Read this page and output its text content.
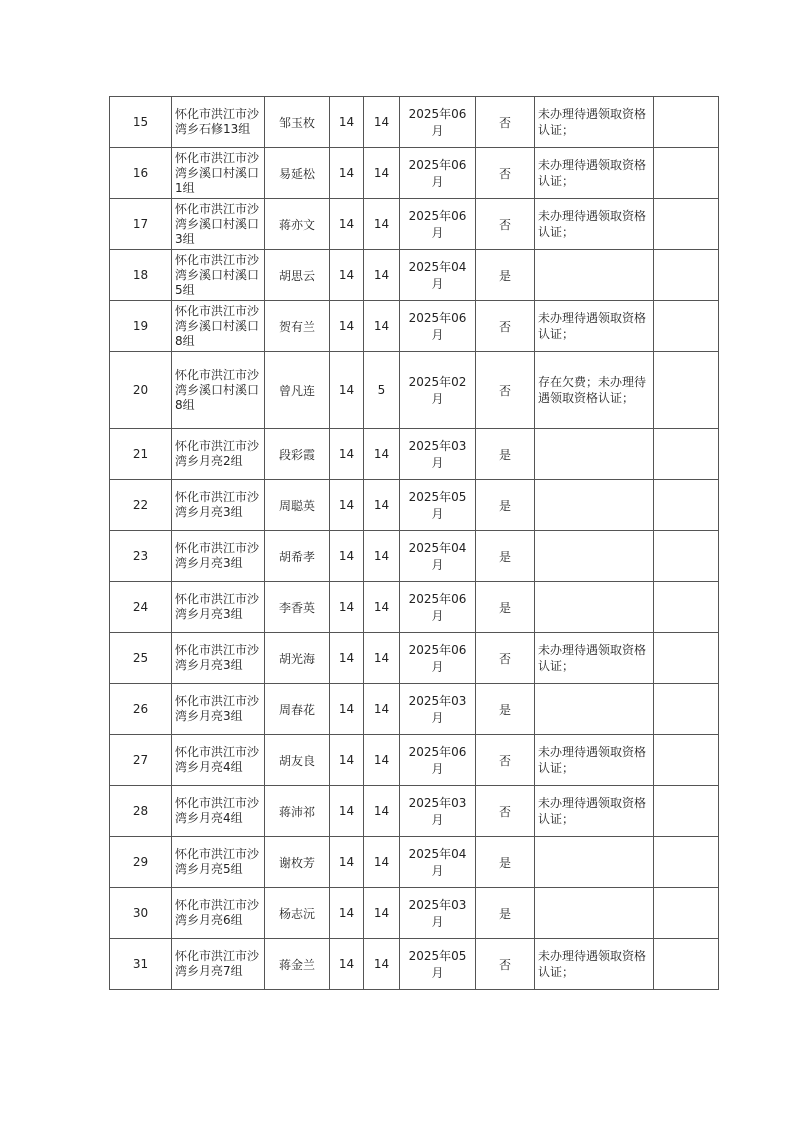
15	怀化市洪江市沙湾乡石修13组	邹玉枚	14	14	2025年06月	否	未办理待遇领取资格认证；	
16	怀化市洪江市沙湾乡溪口村溪口1组	易延松	14	14	2025年06月	否	未办理待遇领取资格认证；	
17	怀化市洪江市沙湾乡溪口村溪口3组	蒋亦文	14	14	2025年06月	否	未办理待遇领取资格认证；	
18	怀化市洪江市沙湾乡溪口村溪口5组	胡思云	14	14	2025年04月	是		
19	怀化市洪江市沙湾乡溪口村溪口8组	贺有兰	14	14	2025年06月	否	未办理待遇领取资格认证；	
20	怀化市洪江市沙湾乡溪口村溪口8组	曾凡连	14	5	2025年02月	否	存在欠费；未办理待遇领取资格认证；	
21	怀化市洪江市沙湾乡月亮2组	段彩霞	14	14	2025年03月	是		
22	怀化市洪江市沙湾乡月亮3组	周聪英	14	14	2025年05月	是		
23	怀化市洪江市沙湾乡月亮3组	胡希孝	14	14	2025年04月	是		
24	怀化市洪江市沙湾乡月亮3组	李香英	14	14	2025年06月	是		
25	怀化市洪江市沙湾乡月亮3组	胡光海	14	14	2025年06月	否	未办理待遇领取资格认证；	
26	怀化市洪江市沙湾乡月亮3组	周春花	14	14	2025年03月	是		
27	怀化市洪江市沙湾乡月亮4组	胡友良	14	14	2025年06月	否	未办理待遇领取资格认证；	
28	怀化市洪江市沙湾乡月亮4组	蒋沛祁	14	14	2025年03月	否	未办理待遇领取资格认证；	
29	怀化市洪江市沙湾乡月亮5组	谢枚芳	14	14	2025年04月	是		
30	怀化市洪江市沙湾乡月亮6组	杨志沅	14	14	2025年03月	是		
31	怀化市洪江市沙湾乡月亮7组	蒋金兰	14	14	2025年05月	否	未办理待遇领取资格认证；	
